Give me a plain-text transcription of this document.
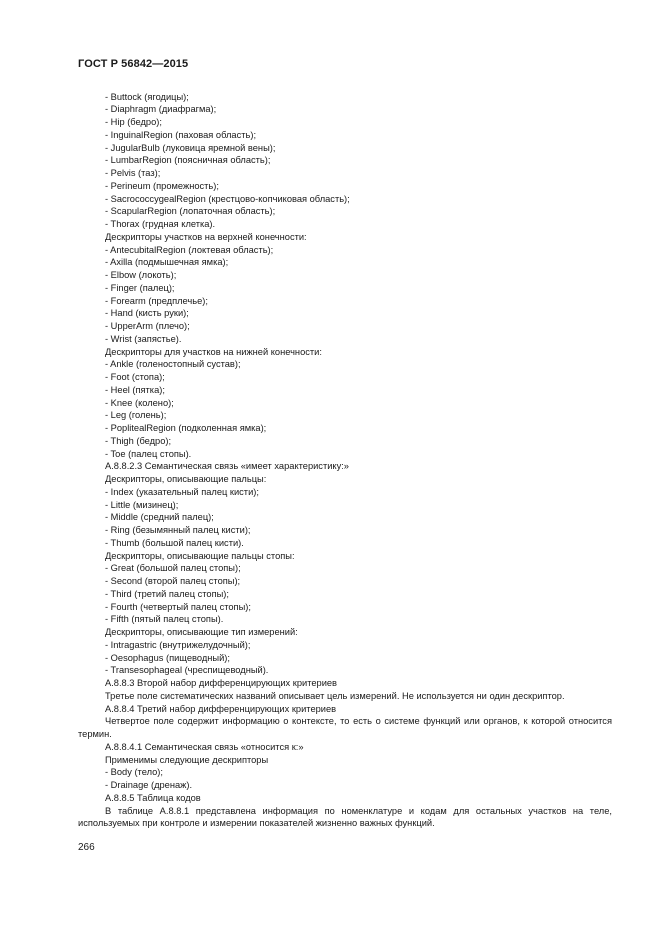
ГОСТ Р 56842—2015
- Buttock (ягодицы);
- Diaphragm (диафрагма);
- Hip (бедро);
- InguinalRegion (паховая область);
- JugularBulb (луковица яремной вены);
- LumbarRegion (поясничная область);
- Pelvis (таз);
- Perineum (промежность);
- SacrococcygealRegion (крестцово-копчиковая область);
- ScapularRegion (лопаточная область);
- Thorax (грудная клетка).
Дескрипторы участков на верхней конечности:
- AntecubitalRegion (локтевая область);
- Axilla (подмышечная ямка);
- Elbow (локоть);
- Finger (палец);
- Forearm (предплечье);
- Hand (кисть руки);
- UpperArm (плечо);
- Wrist (запястье).
Дескрипторы для участков на нижней конечности:
- Ankle (голеностопный сустав);
- Foot (стопа);
- Heel (пятка);
- Knee (колено);
- Leg (голень);
- PoplitealRegion (подколенная ямка);
- Thigh (бедро);
- Toe (палец стопы).
A.8.8.2.3 Семантическая связь «имеет характеристику:»
Дескрипторы, описывающие пальцы:
- Index (указательный палец кисти);
- Little (мизинец);
- Middle (средний палец);
- Ring (безымянный палец кисти);
- Thumb (большой палец кисти).
Дескрипторы, описывающие пальцы стопы:
- Great (большой палец стопы);
- Second (второй палец стопы);
- Third (третий палец стопы);
- Fourth (четвертый палец стопы);
- Fifth (пятый палец стопы).
Дескрипторы, описывающие тип измерений:
- Intragastric (внутрижелудочный);
- Oesophagus (пищеводный);
- Transesophageal (чреспищеводный).
A.8.8.3 Второй набор дифференцирующих критериев
Третье поле систематических названий описывает цель измерений. Не используется ни один дескриптор.
A.8.8.4 Третий набор дифференцирующих критериев
Четвертое поле содержит информацию о контексте, то есть о системе функций или органов, к которой относится термин.
A.8.8.4.1 Семантическая связь «относится к:»
Применимы следующие дескрипторы
- Body (тело);
- Drainage (дренаж).
A.8.8.5 Таблица кодов
В таблице A.8.8.1 представлена информация по номенклатуре и кодам для остальных участков на теле, используемых при контроле и измерении показателей жизненно важных функций.
266
